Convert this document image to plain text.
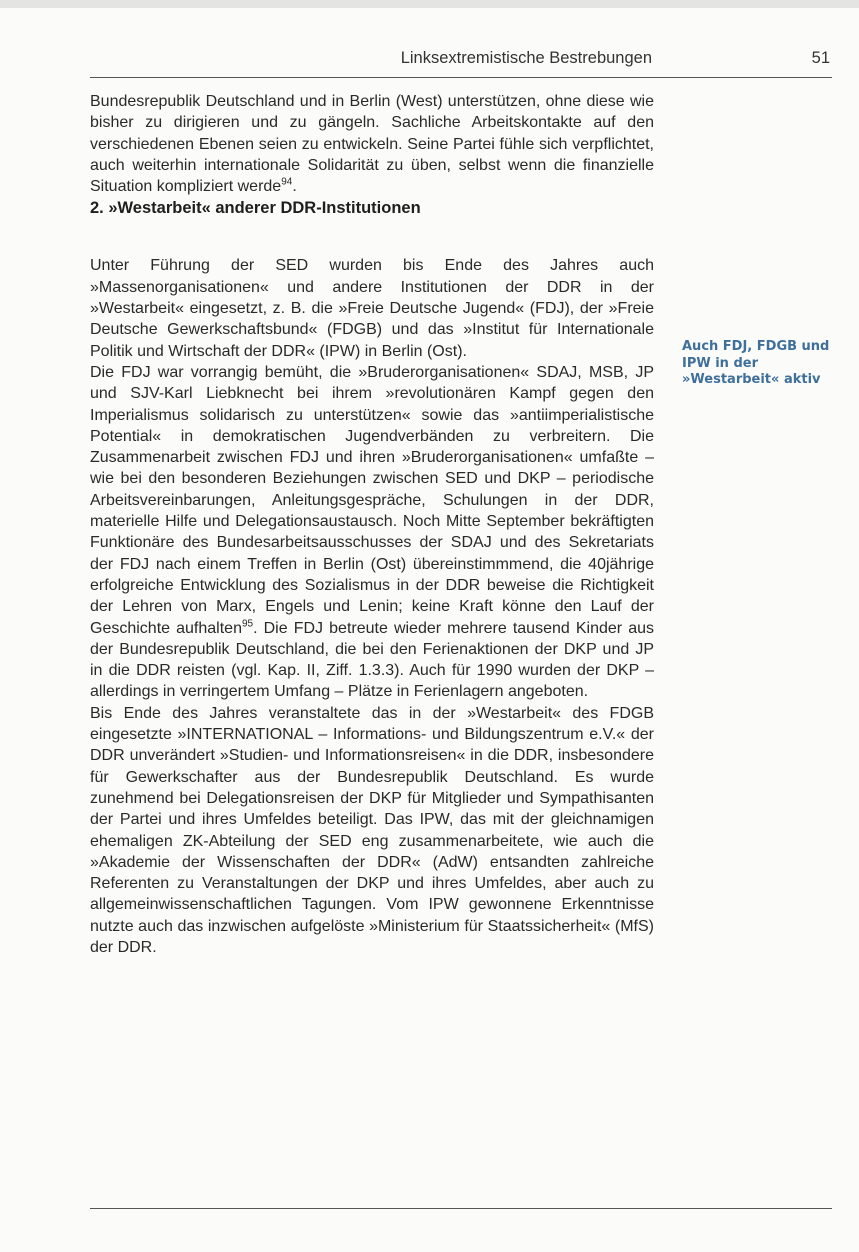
Linksextremistische Bestrebungen	51

Bundesrepublik Deutschland und in Berlin (West) unterstützen, ohne diese wie bisher zu dirigieren und zu gängeln. Sachliche Arbeitskontakte auf den verschiedenen Ebenen seien zu entwickeln. Seine Partei fühle sich verpflichtet, auch weiterhin internationale Solidarität zu üben, selbst wenn die finanzielle Situation kompliziert werde$^{94}$.

2. »Westarbeit« anderer DDR-Institutionen

Unter Führung der SED wurden bis Ende des Jahres auch »Massenorganisationen« und andere Institutionen der DDR in der »Westarbeit« eingesetzt, z. B. die »Freie Deutsche Jugend« (FDJ), der »Freie Deutsche Gewerkschaftsbund« (FDGB) und das »Institut für Internationale Politik und Wirtschaft der DDR« (IPW) in Berlin (Ost).

Die FDJ war vorrangig bemüht, die »Bruderorganisationen« SDAJ, MSB, JP und SJV-Karl Liebknecht bei ihrem »revolutionären Kampf gegen den Imperialismus solidarisch zu unterstützen« sowie das »antiimperialistische Potential« in demokratischen Jugendverbänden zu verbreitern. Die Zusammenarbeit zwischen FDJ und ihren »Bruderorganisationen« umfaßte – wie bei den besonderen Beziehungen zwischen SED und DKP – periodische Arbeitsvereinbarungen, Anleitungsgespräche, Schulungen in der DDR, materielle Hilfe und Delegationsaustausch. Noch Mitte September bekräftigten Funktionäre des Bundesarbeitsausschusses der SDAJ und des Sekretariats der FDJ nach einem Treffen in Berlin (Ost) übereinstimmmend, die 40jährige erfolgreiche Entwicklung des Sozialismus in der DDR beweise die Richtigkeit der Lehren von Marx, Engels und Lenin; keine Kraft könne den Lauf der Geschichte aufhalten$^{95}$. Die FDJ betreute wieder mehrere tausend Kinder aus der Bundesrepublik Deutschland, die bei den Ferienaktionen der DKP und JP in die DDR reisten (vgl. Kap. II, Ziff. 1.3.3). Auch für 1990 wurden der DKP – allerdings in verringertem Umfang – Plätze in Ferienlagern angeboten.

Bis Ende des Jahres veranstaltete das in der »Westarbeit« des FDGB eingesetzte »INTERNATIONAL – Informations- und Bildungszentrum e.V.« der DDR unverändert »Studien- und Informationsreisen« in die DDR, insbesondere für Gewerkschafter aus der Bundesrepublik Deutschland. Es wurde zunehmend bei Delegationsreisen der DKP für Mitglieder und Sympathisanten der Partei und ihres Umfeldes beteiligt. Das IPW, das mit der gleichnamigen ehemaligen ZK-Abteilung der SED eng zusammenarbeitete, wie auch die »Akademie der Wissenschaften der DDR« (AdW) entsandten zahlreiche Referenten zu Veranstaltungen der DKP und ihres Umfeldes, aber auch zu allgemeinwissenschaftlichen Tagungen. Vom IPW gewonnene Erkenntnisse nutzte auch das inzwischen aufgelöste »Ministerium für Staatssicherheit« (MfS) der DDR.

Auch FDJ, FDGB und IPW in der »Westarbeit« aktiv
